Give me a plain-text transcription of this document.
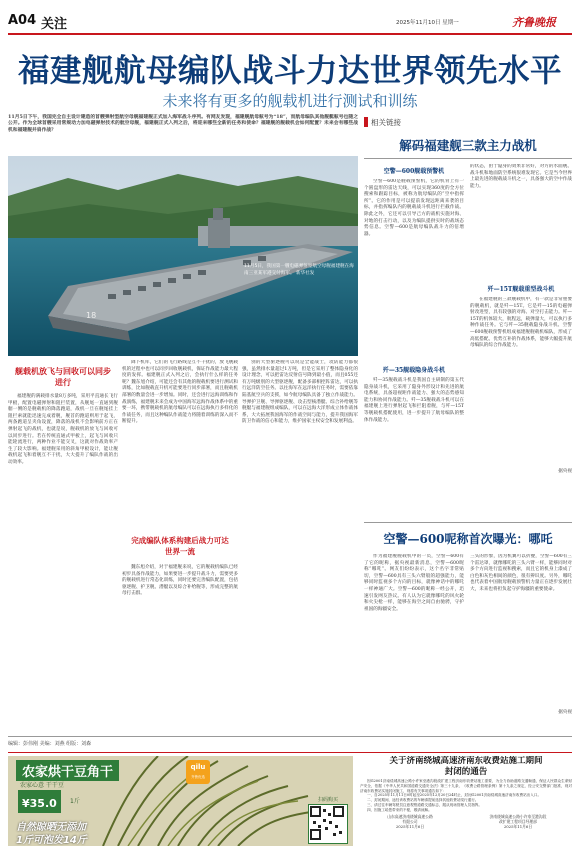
A04 关注	2025年11月10日 星期一	齐鲁晚报
福建舰航母编队战斗力达世界领先水平
未来将有更多的舰载机进行测试和训练
11月5日下午，我国完全自主设计建造的首艘弹射型航空母舰福建舰正式加入海军战斗序列。有网友发现，福建舰航母舷号为“18”，而航母编队其他舰艇舷号也随之公开。作为全球首艘采用常规动力加电磁弹射技术的航空母舰，福建舰正式入列之后，将迎来哪些全新的任务和使命？福建舰的舰载机会如何配置？未来会有哪些战机和福建舰并肩作战？
18
11月5日，我国第一艘电磁弹射型航空母舰福建舰在海南三亚某军港交付海军。 新华社发
舰载机放飞与回收可以同步进行
福建舰的满载排水量8万多吨，采用平直通长飞行甲板，配置电磁弹射和阻拦装置，从舰尾一直通到舰艏一侧的是舰载机的降落跑道，战机一旦在舰尾挂上阻拦索就能迅速完成着舰，舰首的跑道则用于起飞，两条跑道呈夹角设置，降落的战机不会影响前方正在弹射起飞的战机，也就是说，舰载机的放飞与回收可以同步进行。若在传统直通式甲板上，起飞与回收只能轮流进行，两种作业不能交叉，这就对作战效率产生了较大影响。福建舰采用的斜角甲板设计，能让舰载机起飞和着舰互不干扰，大大提升了编队作战的出动效率。
降下机库，它们的飞行路线是互不干扰的，放飞舰载机的过程中也可以同步回收舰载机，保证作战能力最大程度的发挥。福建舰正式入列之后，会执行什么样的任务呢？魏东旭介绍，可能还会有其他的舰载机要进行测试和训练，比如舰载直升机可能要进行同步部署，而且舰载机部署的数量会进一步增加。同时，还会进行远海训练和作战演练，福建舰未来会成为中国海军远海作战体系中的重要一环，携带舰载机的航母编队可以在远海执行多样化的作战任务，而且这种编队作战能力将随着训练的深入而不断提升。
完成编队体系构建后战力可达世界一流
魏东旭介绍，对于福建舰来说，它的舰载机编队已经初步具备作战能力，如果要进一步提升战斗力，需要更多的舰载机进行常态化训练，同时还要完善编队配置，包括驱逐舰、护卫舰、潜艇以及综合补给舰等，形成完整的航母打击群。
别的大型驱逐舰可以说是全能战士，攻防能力都很强，虽然排水量超过1万吨，但是它采用了整体隐身化的设计理念，可以把雷达反射信号降到最小值，而且055还有万吨级别的大型驱逐舰，配备多部相控阵雷达，可以执行远洋防空任务。以往海军在远洋执行任务时，需要依靠陆基航空兵的支援，如今航母编队具备了独立作战能力。导弹护卫舰、导弹驱逐舰、攻击型核潜艇、综合补给舰等舰艇与福建舰组成编队，可以在远海大洋形成立体作战体系，大大拓展我国海军的作战空间与能力，提升我国海军防卫作战的信心和能力，维护国家主权安全和发展利益。
相关链接
解码福建舰三款主力战机
空警—600舰载预警机
空警—600是舰载预警机，它的机背上有一个圆盘形的雷达天线，可以实现360度的全方位搜索和跟踪目标，被称为航母编队的“空中指挥所”。它的作用是可以提前发现远距离来袭的目标，并指挥编队内的舰载战斗机进行拦截作战。除此之外，它还可以引导己方的战机实施对海、对地的打击行动，以及为编队提供实时的战场态势信息。空警—600是航母编队战斗力的倍增器。
歼—35舰载隐身战斗机
歼—35舰载战斗机是我国自主研制的第五代隐身战斗机，它采用了隐身外形设计和先进的航电系统，具备超视距作战能力、强大的态势感知能力和协同作战能力。歼—35舰载战斗机可以在福建舰上进行弹射起飞和拦阻着舰，与歼—15T等舰载机搭配使用，进一步提升了航母编队的整体作战能力。
的状态，由于隐身的效果非常好，对方的水面舰、战斗机和地面防空系统很难发现它。它是当今世界上最先进的舰载战斗机之一，具备强大的空中作战能力。
歼—15T舰载重型战斗机
在福建舰的三款舰载机中，有一款是非常重要的舰载机，就是歼—15T。它是歼—15的电磁弹射改进型，具有较强的对海、对空打击能力。歼—15T的机体较大，航程远，载弹量大，可以执行多种作战任务。它与歼—35舰载隐身战斗机、空警—600舰载预警机组成福建舰舰载机编队，形成了高低搭配、优势互补的作战体系，能够大幅提升航母编队的综合作战能力。
据央视
空警—600呢称首次曝光：哪吒
作为福建舰舰载机中的一员，空警—600有了它的昵称，据央视最新消息，空警—600昵称“哪吒”。网友们纷纷表示，这个名字非常贴切，空警—600具有三头六臂般的超强能力，能够同时监视多个方向的目标，就像神话中的哪吒一样神通广大。空警—600的昵称一经公开，迅速引发网友热议。有人认为它就像哪吒的风火轮和火尖枪一样，能够在海空之间自由驰骋，守护祖国的海疆安全。
三头的形象，因为机翼可以折叠，空警—600有三个雷达罩，就像哪吒的三头六臂一样，能够同时对多个方向进行监视和搜索，而且它的机身上漆成了白色和灰色相间的颜色，很有辨识度。另外，哪吒也代表着中国航母舰载预警机力量正在逐步发展壮大，未来也将担负起守护海疆的重要使命。
据央视
编辑：彭伟刚 美编：刘燕 组版：刘森
农家烘干豆角干
农家心意 干干豆
¥35.0	1斤
qilu
齐鲁优选
自然晾晒无添加
1斤可泡发14斤
扫码购买
关于济南绕城高速济南东收费站施工期间
封闭的通告
因G2001济南绕城高速公路小许家至港沟段改扩建工程济南东收费站施工需要，为全力协助道路交通畅通，保证人民群众生命财产安全，依据《中华人民共和国道路交通安全法》第三十九条、《收费公路管理条例》第十九条之规定，经公安交警部门批准，现对济南东收费站实施封闭施工，现将有关事项通告如下：
一、自2025年11月11日0时起至2025年12月20日24时止，封闭G2001济南绕城高速济南东收费站出入口。
二、封闭期间，途经该收费站的车辆请提前选择其他收费站绕行通行。
三、请过往车辆驾驶员注意观察道路交通标志，服从现场管理人员指挥。
四、因施工给您带来的不便，敬请谅解。
山东高速济南绕城高速公路
有限公司
2025年11月6日
济南绕城高速公路小许家至港沟段
改扩建工程项目经理部
2025年11月6日
